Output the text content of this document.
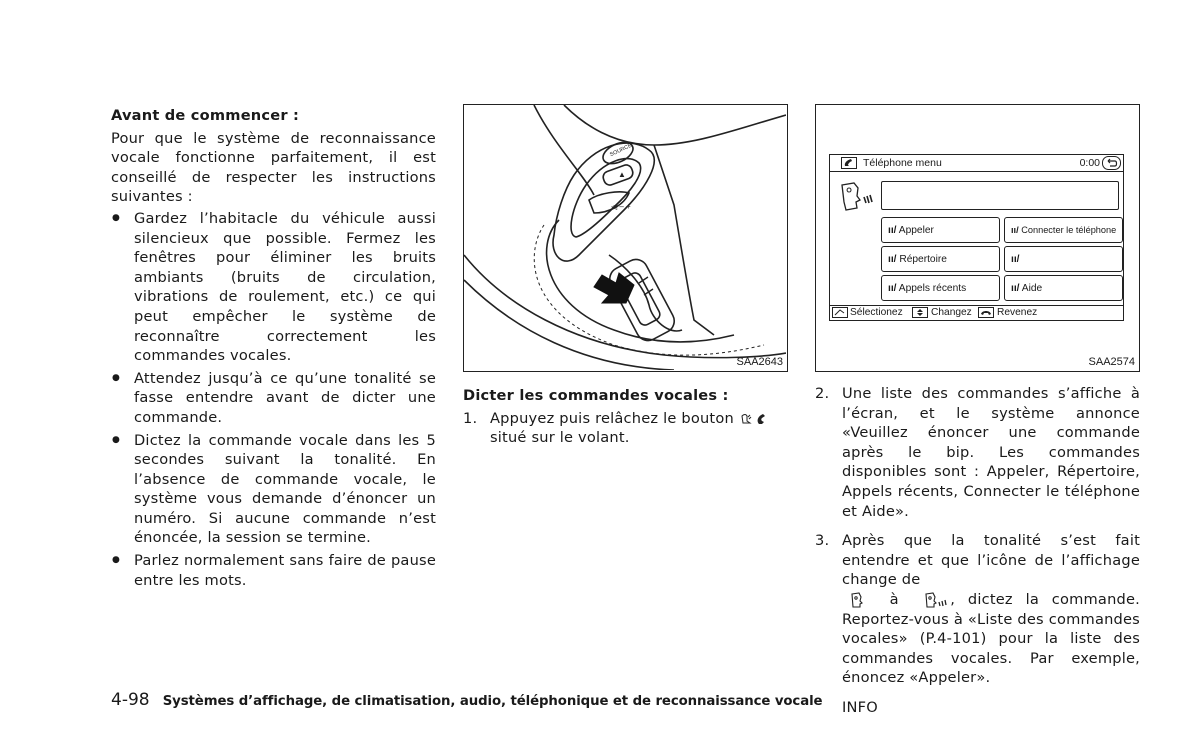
Avant de commencer :

Pour que le système de reconnaissance vocale fonctionne parfaitement, il est conseillé de respecter les instructions suivantes :

● Gardez l’habitacle du véhicule aussi silencieux que possible. Fermez les fenêtres pour éliminer les bruits ambiants (bruits de circulation, vibrations de roulement, etc.) ce qui peut empêcher le système de reconnaître correctement les commandes vocales.
● Attendez jusqu’à ce qu’une tonalité se fasse entendre avant de dicter une commande.
● Dictez la commande vocale dans les 5 secondes suivant la tonalité. En l’absence de commande vocale, le système vous demande d’énoncer un numéro. Si aucune commande n’est énoncée, la session se termine.
● Parlez normalement sans faire de pause entre les mots.
SOURCE
◁ – +
▲
SAA2643
Téléphone menu	0:00
ıı/ Appeler	ıı/ Connecter le téléphone
ıı/ Répertoire	ıı/
ıı/ Appels récents	ıı/ Aide
Sélectionez	Changez Revenez
SAA2574
Dicter les commandes vocales :
1. Appuyez puis relâchez le bouton
situé sur le volant.
2. Une liste des commandes s’affiche à l’écran, et le système annonce «Veuillez énoncer une commande après le bip. Les commandes disponibles sont : Appeler, Répertoire, Appels récents, Connecter le téléphone et Aide».
3. Après que la tonalité s’est fait entendre et que l’icône de l’affichage change de
à	, dictez la commande. Reportez-vous à «Liste des commandes vocales» (P.4-101) pour la liste des commandes vocales. Par exemple, énoncez «Appeler».
INFO
4-98 Systèmes d’affichage, de climatisation, audio, téléphonique et de reconnaissance vocale
